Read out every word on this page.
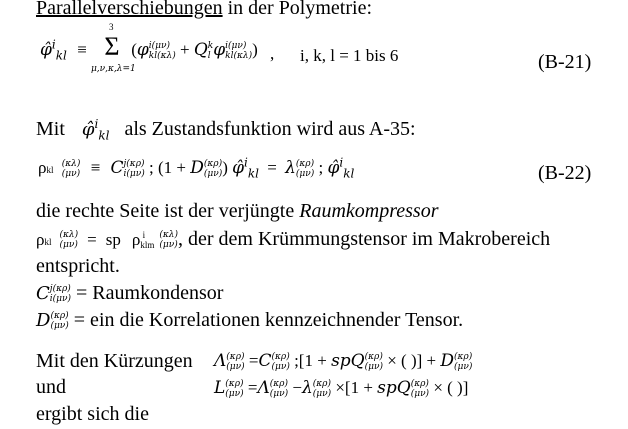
Parallelverschiebungen in der Polymetrie:
φ̂$^i_{kl}$ ≡
3
Σ
μ,ν,κ,λ=1
(φ i(μν)
kl(κλ) + Q k
l φ i(μν)
kl(κλ) ) , i, k, l = 1 bis 6	(B-21)
Mit φ̂$^i_{kl}$ als Zustandsfunktion wird aus A-35:
ρkl
(κλ)
(μν) ≡ C j(κρ)
i(μν) ; (1 + D (κρ)
(μν) ) φ̂$^i_{kl}$ = λ (κρ)
(μν) ; φ̂$^i_{kl}$	(B-22)
die rechte Seite ist der verjüngte Raumkompressor
ρkl
(κλ)
(μν) = sp ρ i
klm

(κλ)
(μν) , der dem Krümmungstensor im Makrobereich
entspricht.
C j(κρ)
i(μν) = Raumkondensor
D (κρ)
(μν) = ein die Korrelationen kennzeichnender Tensor.
Mit den Kürzungen Λ (κρ)
(μν) =C (κρ)
(μν) ;[1 + spQ (κρ)
(μν) × ( )] + D (κρ)
(μν)
und	L (κρ)
(μν) =Λ (κρ)
(μν) −λ (κρ)
(μν) ×[1 + spQ (κρ)
(μν) × ( )]
ergibt sich die
